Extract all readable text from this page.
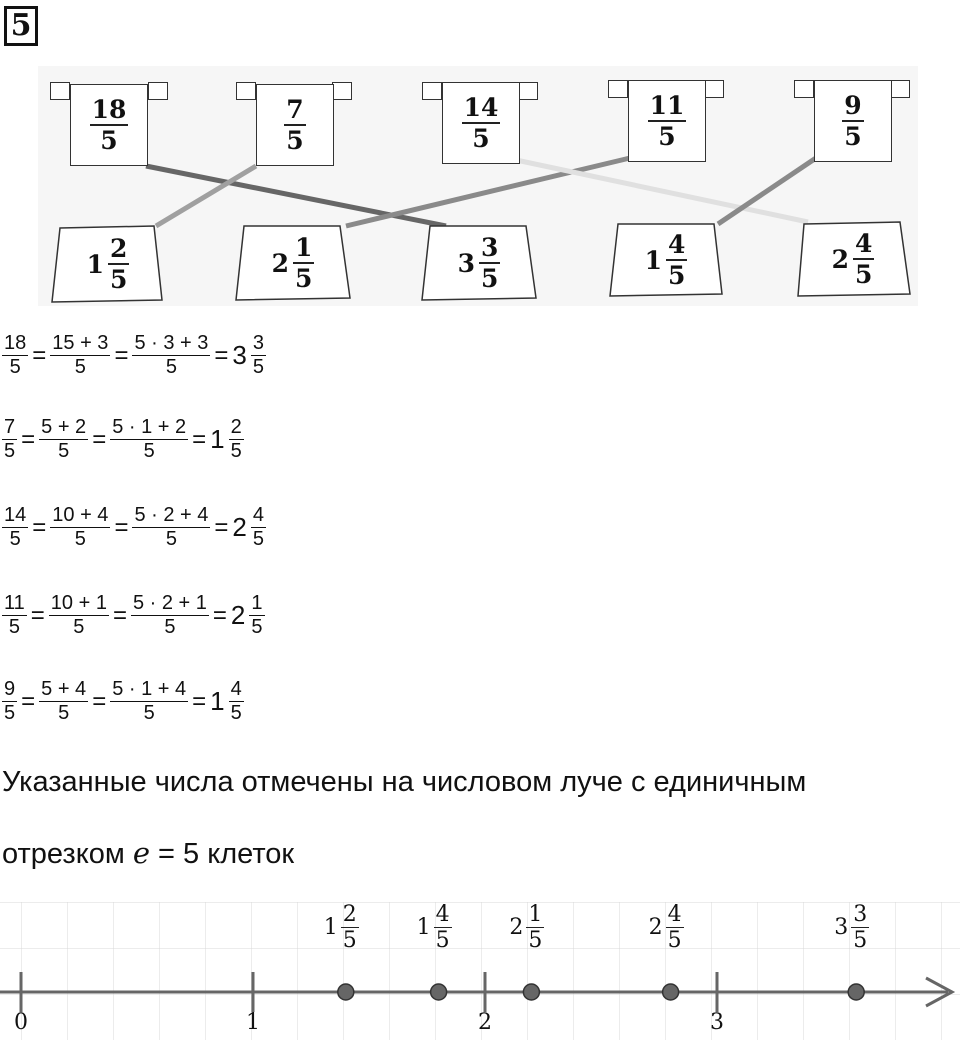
5
$\frac{18}{5}$	$\frac{7}{5}$	$\frac{14}{5}$	$\frac{11}{5}$	$\frac{9}{5}$
$1 \frac{2}{5}$	$2 \frac{1}{5}$	$3 \frac{3}{5}$	$1 \frac{4}{5}$	$2 \frac{4}{5}$
$\frac{18}{5} = \frac{15 + 3}{5} = \frac{5 \cdot 3 + 3}{5} = 3 \frac{3}{5}$
$\frac{7}{5} = \frac{5 + 2}{5} = \frac{5 \cdot 1 + 2}{5} = 1 \frac{2}{5}$
$\frac{14}{5} = \frac{10 + 4}{5} = \frac{5 \cdot 2 + 4}{5} = 2 \frac{4}{5}$
$\frac{11}{5} = \frac{10 + 1}{5} = \frac{5 \cdot 2 + 1}{5} = 2 \frac{1}{5}$
$\frac{9}{5} = \frac{5 + 4}{5} = \frac{5 \cdot 1 + 4}{5} = 1 \frac{4}{5}$
Указанные числа отмечены на числовом луче с единичным
отрезком e = 5 клеток
0	1	2	3
$1 \frac{2}{5}$	$1 \frac{4}{5}$	$2 \frac{1}{5}$	$2 \frac{4}{5}$	$3 \frac{3}{5}$
